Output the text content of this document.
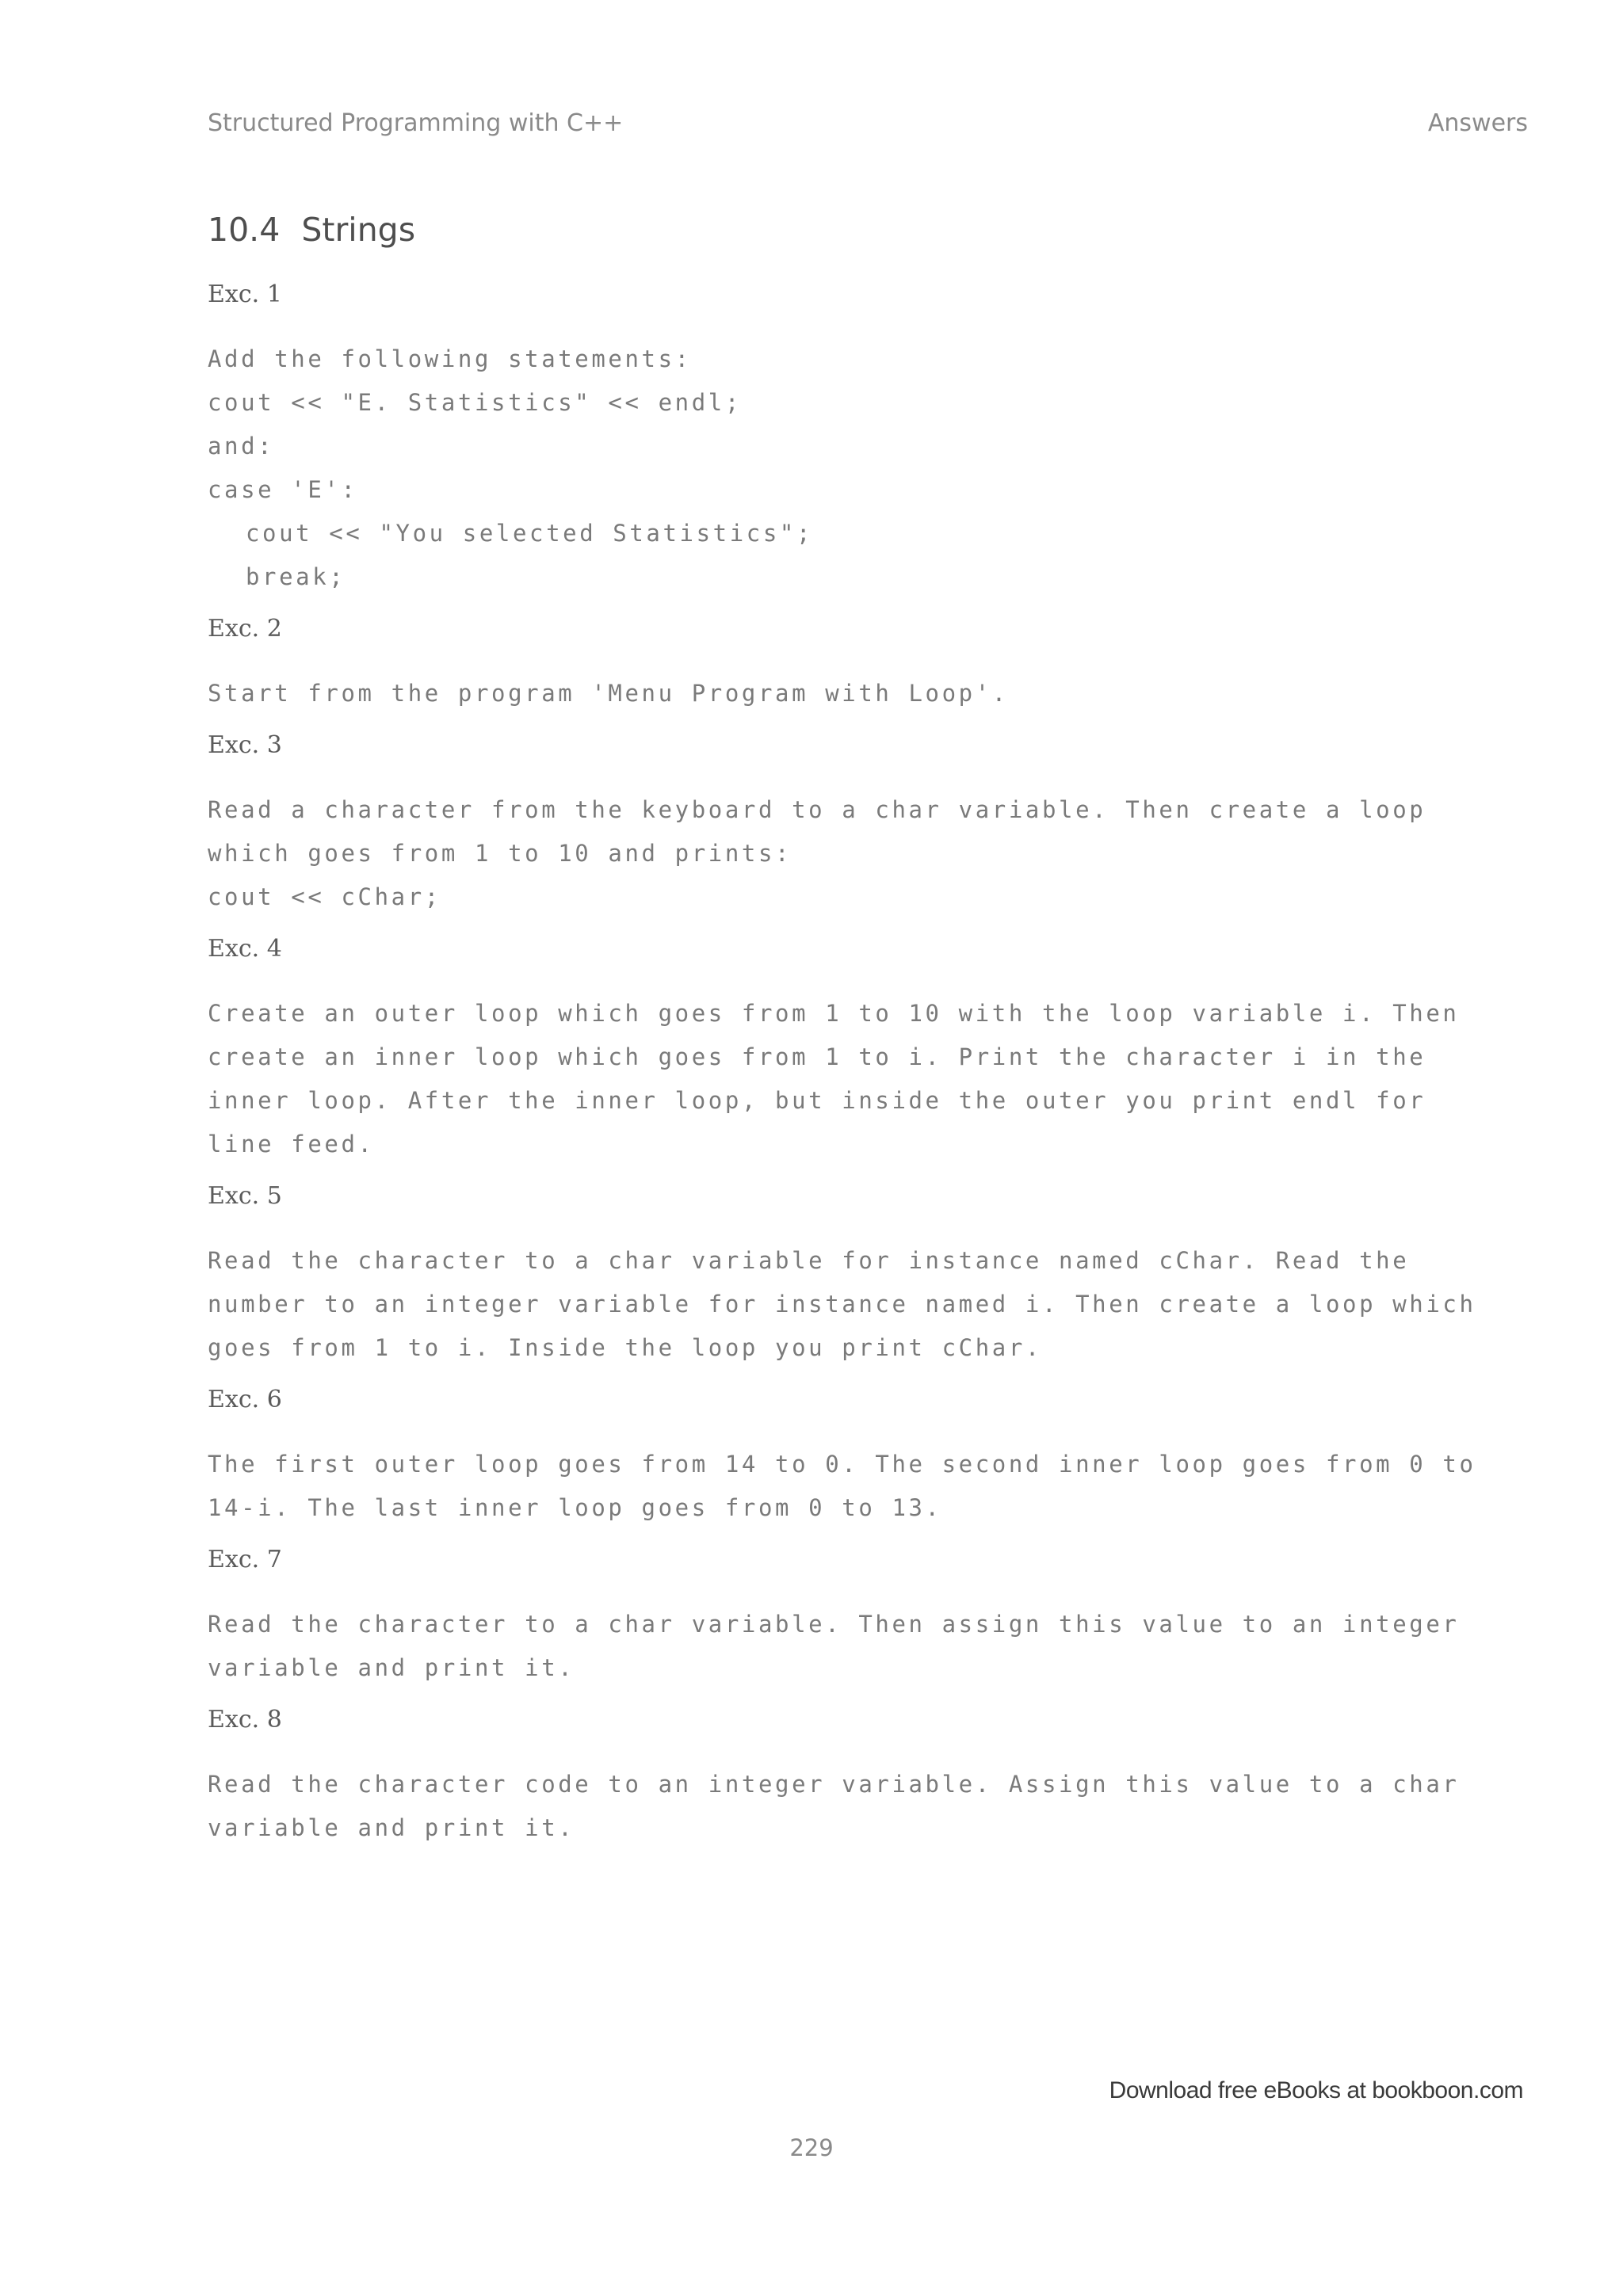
Structured Programming with C++	Answers
10.4 Strings
Exc. 1
Add the following statements:
cout << "E. Statistics" << endl;
and:
case 'E':
cout << "You selected Statistics";
break;
Exc. 2
Start from the program 'Menu Program with Loop'.
Exc. 3
Read a character from the keyboard to a char variable. Then create a loop
which goes from 1 to 10 and prints:
cout << cChar;
Exc. 4
Create an outer loop which goes from 1 to 10 with the loop variable i. Then
create an inner loop which goes from 1 to i. Print the character i in the
inner loop. After the inner loop, but inside the outer you print endl for
line feed.
Exc. 5
Read the character to a char variable for instance named cChar. Read the
number to an integer variable for instance named i. Then create a loop which
goes from 1 to i. Inside the loop you print cChar.
Exc. 6
The first outer loop goes from 14 to 0. The second inner loop goes from 0 to
14-i. The last inner loop goes from 0 to 13.
Exc. 7
Read the character to a char variable. Then assign this value to an integer
variable and print it.
Exc. 8
Read the character code to an integer variable. Assign this value to a char
variable and print it.
Download free eBooks at bookboon.com
229
